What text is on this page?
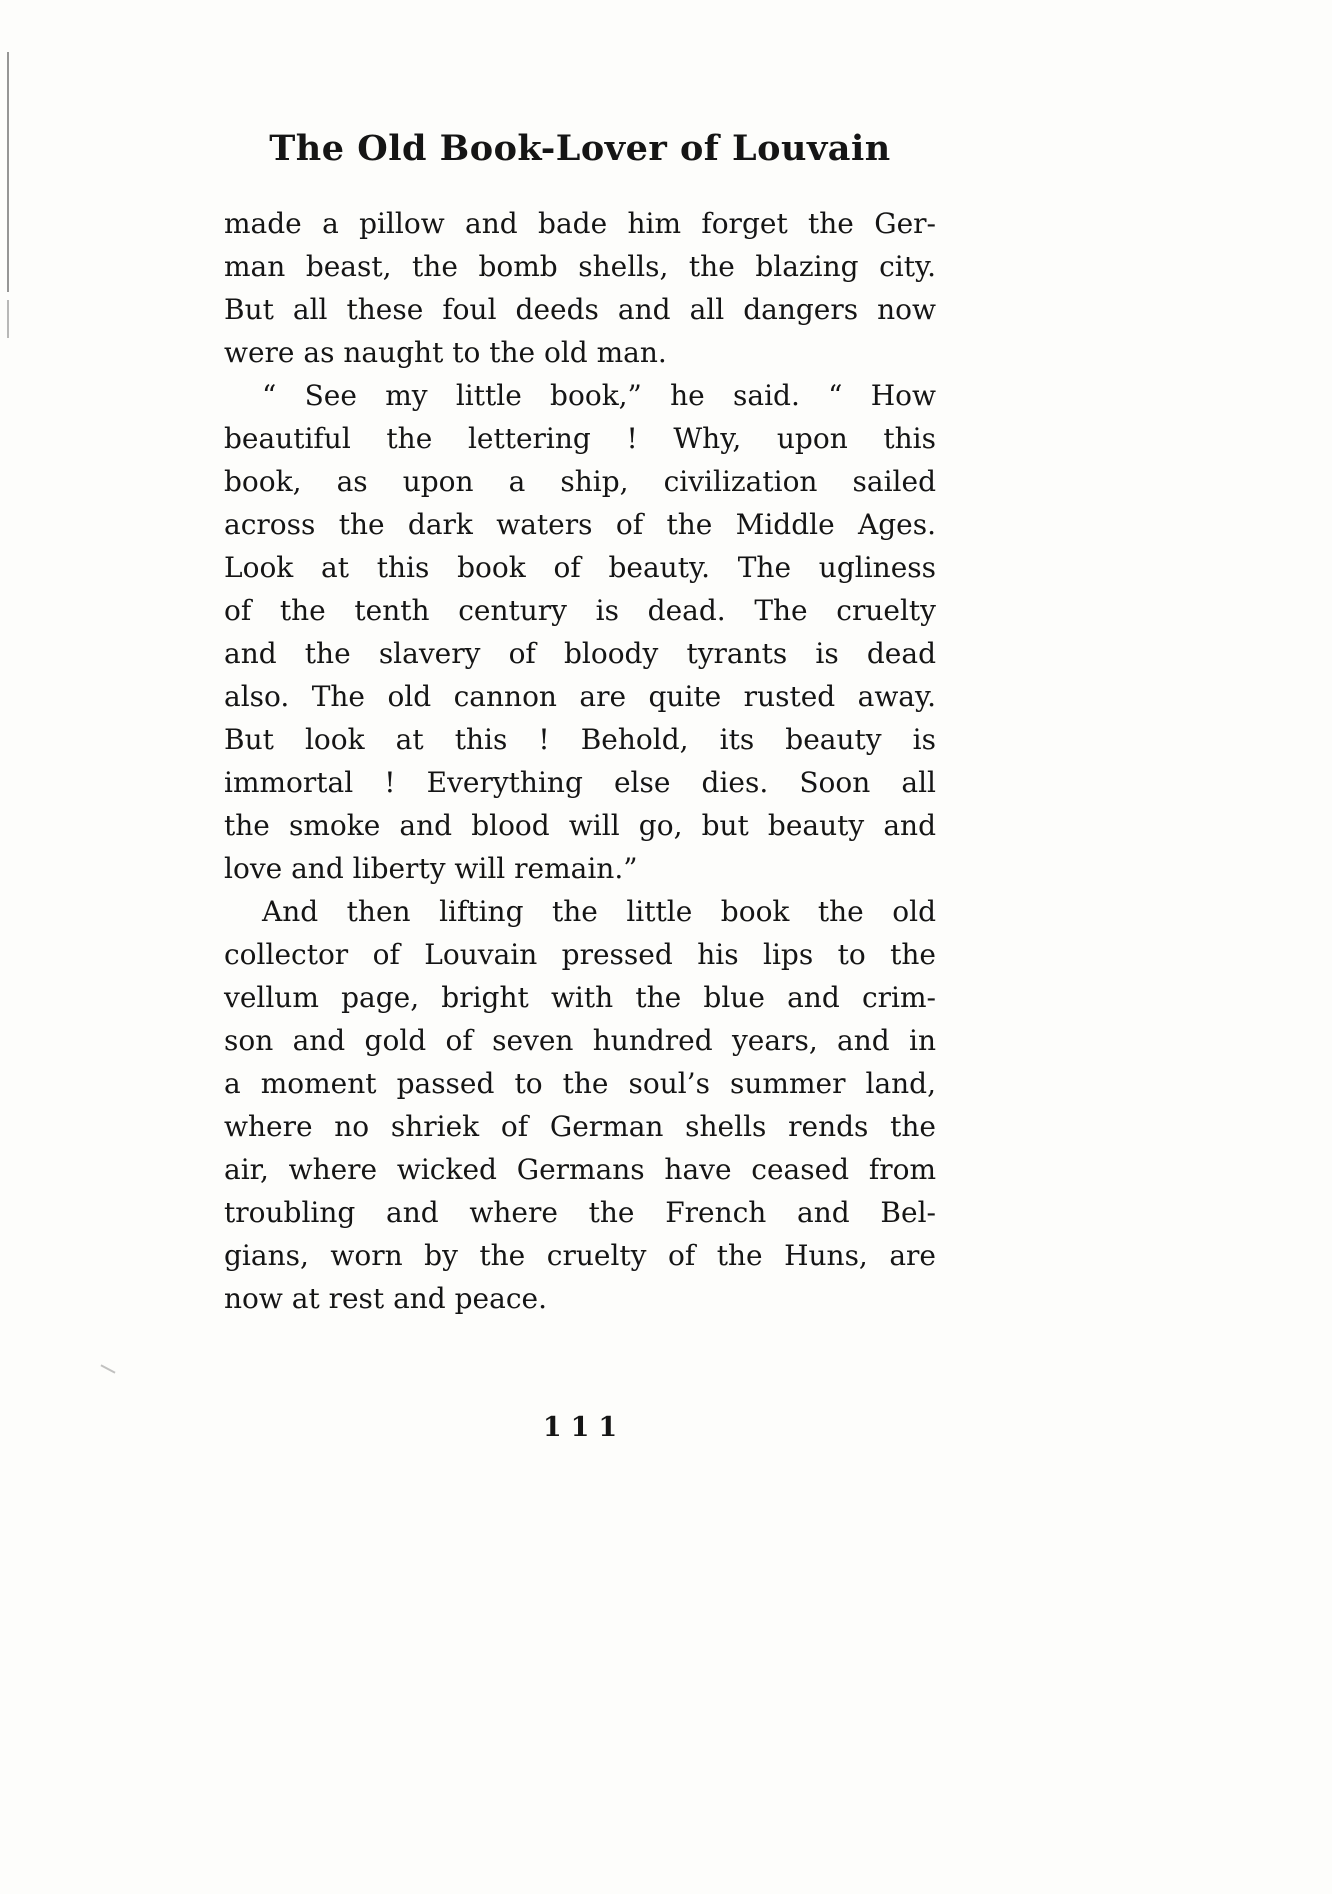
The Old Book-Lover of Louvain

made a pillow and bade him forget the Ger-
man beast, the bomb shells, the blazing city.
But all these foul deeds and all dangers now
were as naught to the old man.

“ See my little book,” he said. “ How
beautiful the lettering ! Why, upon this
book, as upon a ship, civilization sailed
across the dark waters of the Middle Ages.
Look at this book of beauty. The ugliness
of the tenth century is dead. The cruelty
and the slavery of bloody tyrants is dead
also. The old cannon are quite rusted away.
But look at this ! Behold, its beauty is
immortal ! Everything else dies. Soon all
the smoke and blood will go, but beauty and
love and liberty will remain.”

And then lifting the little book the old
collector of Louvain pressed his lips to the
vellum page, bright with the blue and crim-
son and gold of seven hundred years, and in
a moment passed to the soul’s summer land,
where no shriek of German shells rends the
air, where wicked Germans have ceased from
troubling and where the French and Bel-
gians, worn by the cruelty of the Huns, are
now at rest and peace.

111
